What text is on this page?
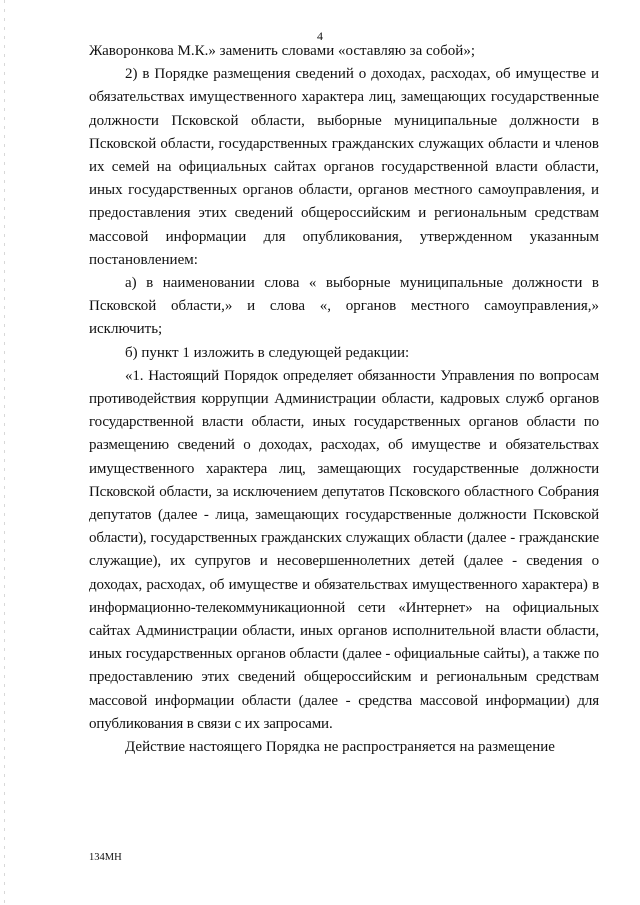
4

Жаворонкова М.К.» заменить словами «оставляю за собой»;

2) в Порядке размещения сведений о доходах, расходах, об имуществе и обязательствах имущественного характера лиц, замещающих государственные должности Псковской области, выборные муниципальные должности в Псковской области, государственных гражданских служащих области и членов их семей на официальных сайтах органов государственной власти области, иных государственных органов области, органов местного самоуправления, и предоставления этих сведений общероссийским и региональным средствам массовой информации для опубликования, утвержденном указанным постановлением:

а) в наименовании слова « выборные муниципальные должности в Псковской области,» и слова «, органов местного самоуправления,» исключить;

б) пункт 1 изложить в следующей редакции:

«1. Настоящий Порядок определяет обязанности Управления по вопросам противодействия коррупции Администрации области, кадровых служб органов государственной власти области, иных государственных органов области по размещению сведений о доходах, расходах, об имуществе и обязательствах имущественного характера лиц, замещающих государственные должности Псковской области, за исключением депутатов Псковского областного Собрания депутатов (далее - лица, замещающих государственные должности Псковской области), государственных гражданских служащих области (далее - гражданские служащие), их супругов и несовершеннолетних детей (далее - сведения о доходах, расходах, об имуществе и обязательствах имущественного характера) в информационно-телекоммуникационной сети «Интернет» на официальных сайтах Администрации области, иных органов исполнительной власти области, иных государственных органов области (далее - официальные сайты), а также по предоставлению этих сведений общероссийским и региональным средствам массовой информации области (далее - средства массовой информации) для опубликования в связи с их запросами.

Действие настоящего Порядка не распространяется на размещение

134МН
